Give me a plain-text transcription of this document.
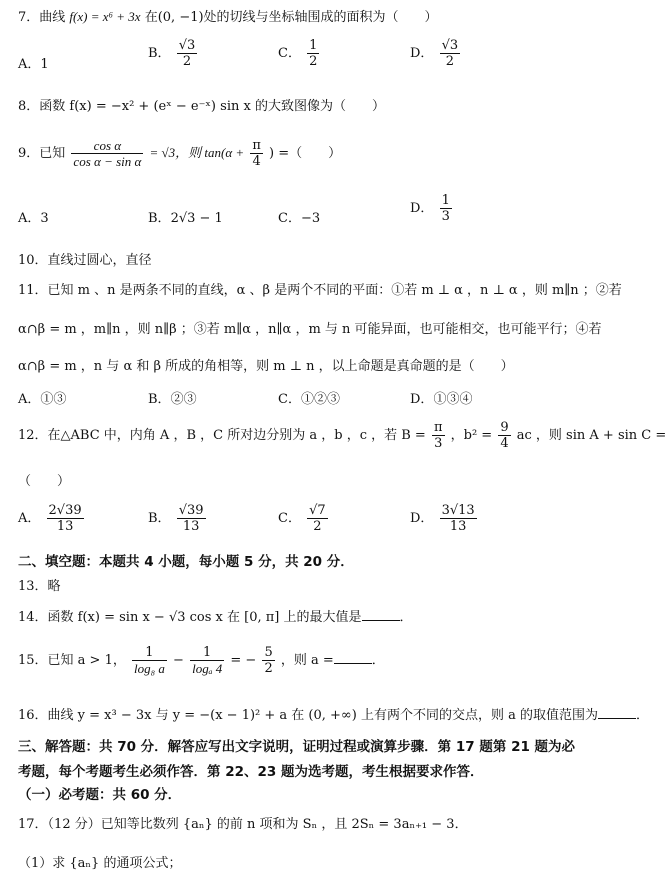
7．曲线 f(x) = x⁶ + 3x 在(0, −1)处的切线与坐标轴围成的面积为（　　）
A．1
B． $\frac{√3}{2}$	C． $\frac{1}{2}$	D． $\frac{√3}{2}$
8．函数 f(x) = −x² + (eˣ − e⁻ˣ) sin x 的大致图像为（　　）
9．已知 $\frac{\text{cos α}}{\text{cos α − sin α}} = √3$，则 $\tan(\alpha + \frac{\pi}{4}$ ) =（　　）
A．3	B．2√3 − 1	C．−3
D． $\frac{1}{3}$
10．直线过圆心，直径
11．已知 m 、n 是两条不同的直线，α 、β 是两个不同的平面：①若 m ⊥ α ，n ⊥ α ，则 m∥n ；②若
α∩β = m ，m∥n ，则 n∥β ；③若 m∥α ，n∥α ，m 与 n 可能异面，也可能相交，也可能平行；④若
α∩β = m ，n 与 α 和 β 所成的角相等，则 m ⊥ n ，以上命题是真命题的是（　　）
A．①③	B．②③	C．①②③	D．①③④
12．在△ABC 中，内角 A ，B ，C 所对边分别为 a ，b ，c ，若 $B = \frac{\pi}{3}$ ，$b^2 = \frac{9}{4}$ ac ，则 sin A + sin C =
（　　）
A． $\frac{2√39}{13}$	B． $\frac{√39}{13}$	C． $\frac{√7}{2}$	D． $\frac{3√13}{13}$
二、填空题：本题共 4 小题，每小题 5 分，共 20 分．
13．略
14．函数 f(x) = sin x − √3 cos x 在 [0, π] 上的最大值是	．
15．已知 a > 1， $\frac{1}{\text{log₈ a}} - \frac{1}{\text{logₐ 4}}$ = − $\frac{5}{2}$ ，则 a =	．
16．曲线 y = x³ − 3x 与 y = −(x − 1)² + a 在 (0, +∞) 上有两个不同的交点，则 a 的取值范围为	．
三、解答题：共 70 分．解答应写出文字说明，证明过程或演算步骤．第 17 题第 21 题为必
考题，每个考题考生必须作答．第 22、23 题为选考题，考生根据要求作答．
（一）必考题：共 60 分．
17．（12 分）已知等比数列 {aₙ} 的前 n 项和为 Sₙ ，且 2Sₙ = 3aₙ₊₁ − 3．
（1）求 {aₙ} 的通项公式；
